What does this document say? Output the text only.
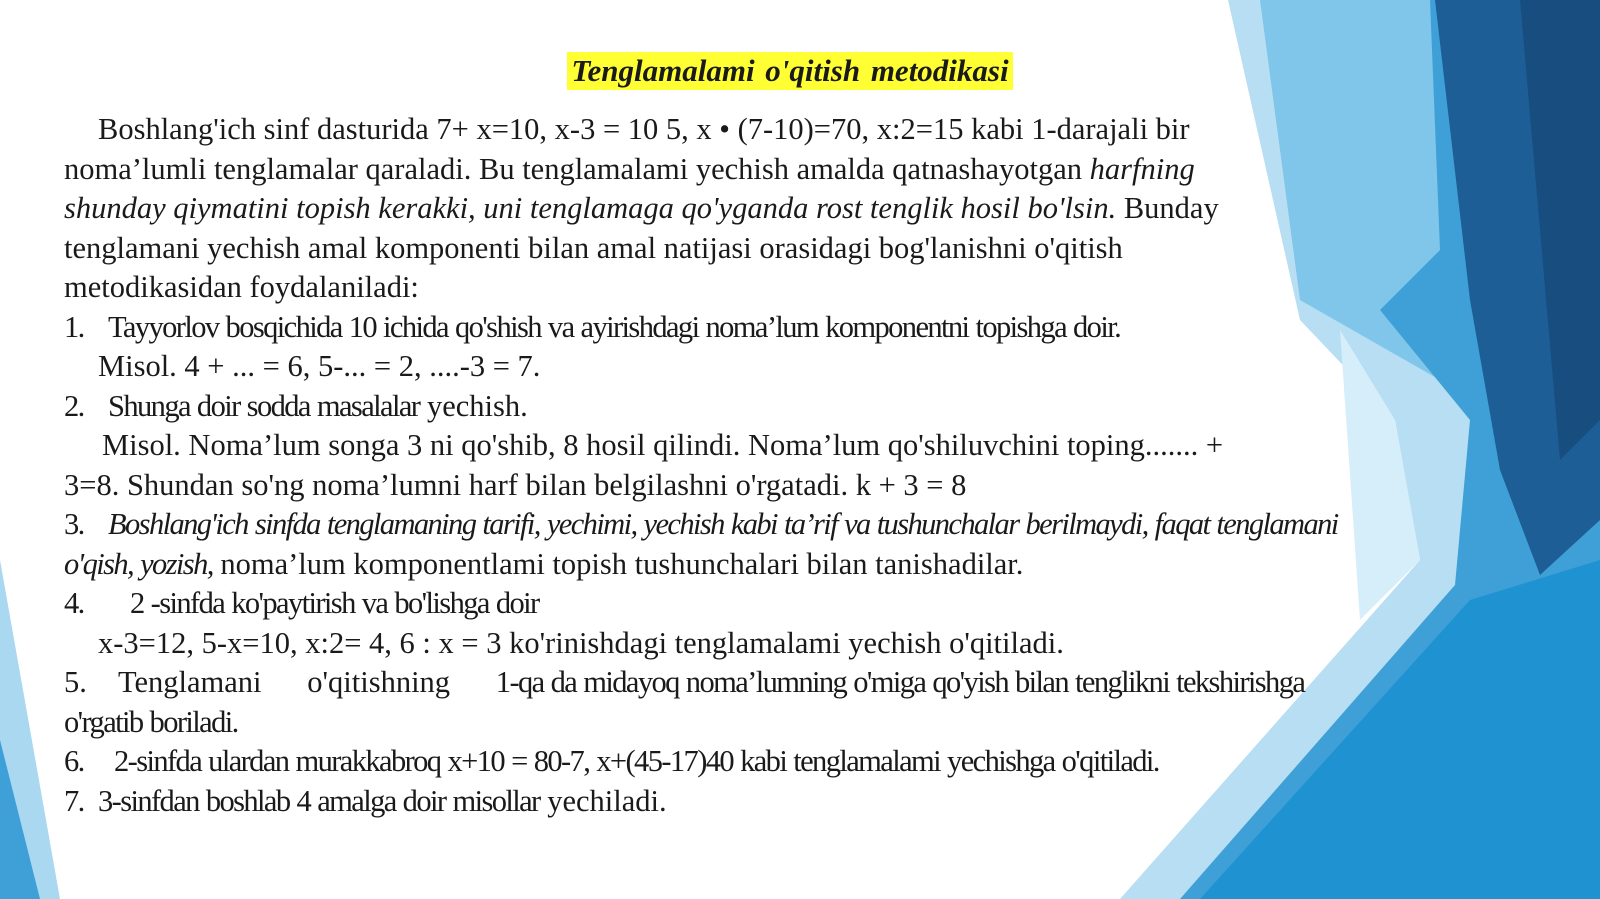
Tenglamalami o'qitish metodikasi
Boshlang'ich sinf dasturida 7+ x=10, x-3 = 10 5, x • (7-10)=70, x:2=15 kabi 1-darajali bir
noma’lumli tenglamalar qaraladi. Bu tenglamalami yechish amalda qatnashayotgan harfning
shunday qiymatini topish kerakki, uni tenglamaga qo'yganda rost tenglik hosil bo'lsin. Bunday
tenglamani yechish amal komponenti bilan amal natijasi orasidagi bog'lanishni o'qitish
metodikasidan foydalaniladi:
1. Tayyorlov bosqichida 10 ichida qo'shish va ayirishdagi noma’lum komponentni topishga doir.
Misol. 4 + ... = 6, 5-... = 2, ....-3 = 7.
2. Shunga doir sodda masalalar yechish.
Misol. Noma’lum songa 3 ni qo'shib, 8 hosil qilindi. Noma’lum qo'shiluvchini toping....... +
3=8. Shundan so'ng noma’lumni harf bilan belgilashni o'rgatadi. k + 3 = 8
3. Boshlang'ich sinfda tenglamaning tarifi, yechimi, yechish kabi ta’rif va tushunchalar berilmaydi, faqat tenglamani
o'qish, yozish, noma’lum komponentlami topish tushunchalari bilan tanishadilar.
4. 2 -sinfda ko'paytirish va bo'lishga doir
x-3=12, 5-x=10, x:2= 4, 6 : x = 3 ko'rinishdagi tenglamalami yechish o'qitiladi.
5. Tenglamani      o'qitishning      1-qa da midayoq noma’lumning o'miga qo'yish bilan tenglikni tekshirishga
o'rgatib boriladi.
6. 2-sinfda ulardan murakkabroq x+10 = 80-7, x+(45-17)40 kabi tenglamalami yechishga o'qitiladi.
7. 3-sinfdan boshlab 4 amalga doir misollar yechiladi.
